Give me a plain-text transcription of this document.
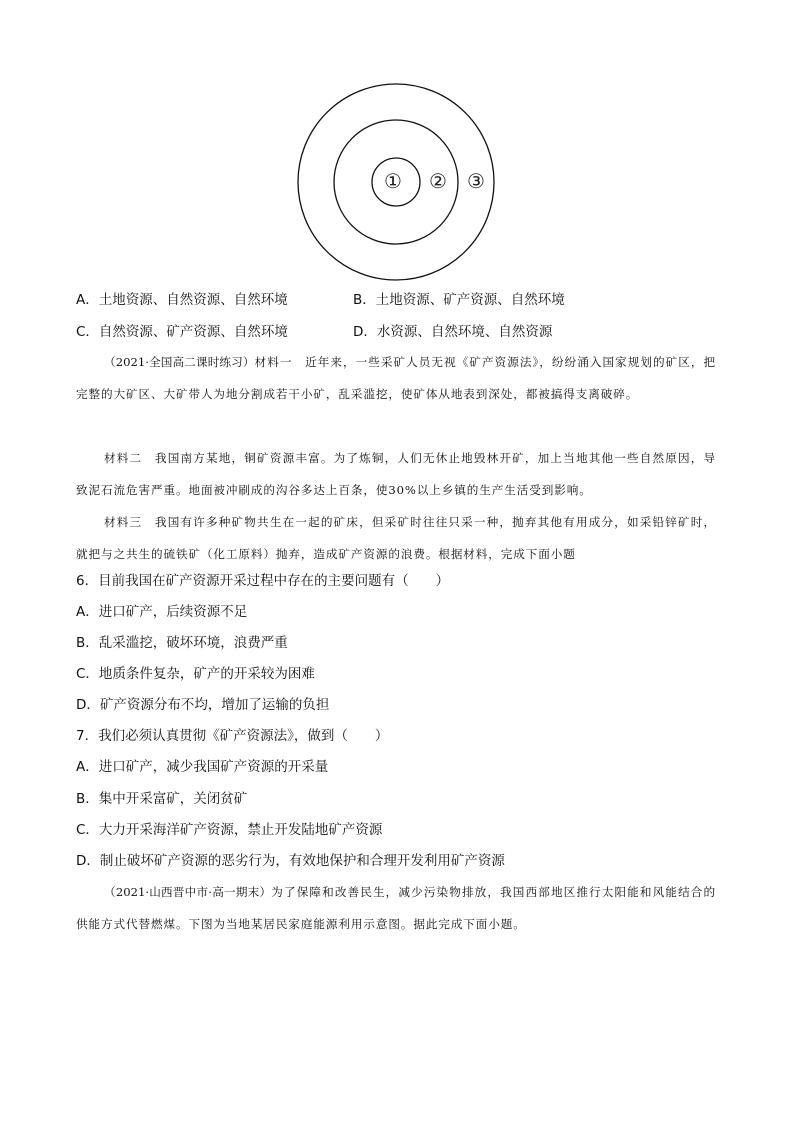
① ② ③
A．土地资源、自然资源、自然环境	B．土地资源、矿产资源、自然环境
C．自然资源、矿产资源、自然环境	D．水资源、自然环境、自然资源
（2021·全国高二课时练习）材料一　近年来，一些采矿人员无视《矿产资源法》，纷纷涌入国家规划的矿区，把完整的大矿区、大矿带人为地分割成若干小矿，乱采滥挖，使矿体从地表到深处，都被搞得支离破碎。
材料二　我国南方某地，铜矿资源丰富。为了炼铜，人们无休止地毁林开矿，加上当地其他一些自然原因，导致泥石流危害严重。地面被冲刷成的沟谷多达上百条，使30%以上乡镇的生产生活受到影响。
材料三　我国有许多种矿物共生在一起的矿床，但采矿时往往只采一种，抛弃其他有用成分，如采铅锌矿时，就把与之共生的硫铁矿（化工原料）抛弃，造成矿产资源的浪费。根据材料，完成下面小题
6．目前我国在矿产资源开采过程中存在的主要问题有（　　）
A．进口矿产，后续资源不足
B．乱采滥挖，破坏环境，浪费严重
C．地质条件复杂，矿产的开采较为困难
D．矿产资源分布不均，增加了运输的负担
7．我们必须认真贯彻《矿产资源法》，做到（　　）
A．进口矿产，减少我国矿产资源的开采量
B．集中开采富矿，关闭贫矿
C．大力开采海洋矿产资源，禁止开发陆地矿产资源
D．制止破坏矿产资源的恶劣行为，有效地保护和合理开发利用矿产资源
（2021·山西晋中市·高一期末）为了保障和改善民生，减少污染物排放，我国西部地区推行太阳能和风能结合的供能方式代替燃煤。下图为当地某居民家庭能源利用示意图。据此完成下面小题。
